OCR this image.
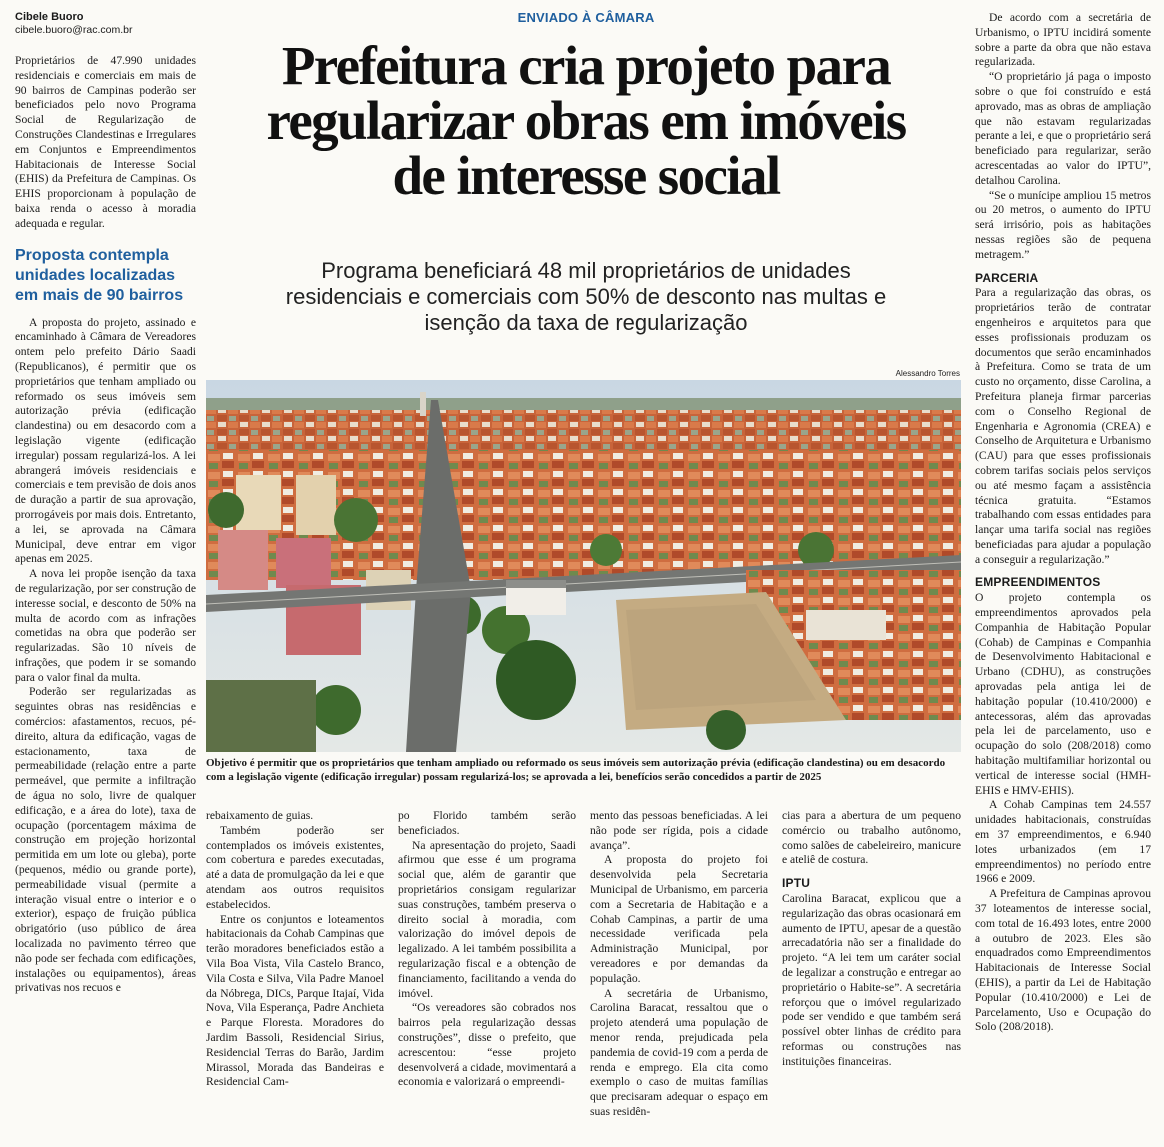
Cibele Buoro
cibele.buoro@rac.com.br
ENVIADO À CÂMARA
Prefeitura cria projeto para
regularizar obras em imóveis
de interesse social
Programa beneficiará 48 mil proprietários de unidades
residenciais e comerciais com 50% de desconto nas multas e
isenção da taxa de regularização
Alessandro Torres
Objetivo é permitir que os proprietários que tenham ampliado ou reformado os seus imóveis sem autorização prévia (edificação clandestina) ou em desacordo com a legislação vigente (edificação irregular) possam regularizá-los; se aprovada a lei, benefícios serão concedidos a partir de 2025

Proprietários de 47.990 unidades residenciais e comerciais em mais de 90 bairros de Campinas poderão ser beneficiados pelo novo Programa Social de Regularização de Construções Clandestinas e Irregulares em Conjuntos e Empreendimentos Habitacionais de Interesse Social (EHIS) da Prefeitura de Campinas. Os EHIS proporcionam à população de baixa renda o acesso à moradia adequada e regular.

Proposta contempla
unidades localizadas
em mais de 90 bairros

A proposta do projeto, assinado e encaminhado à Câmara de Vereadores ontem pelo prefeito Dário Saadi (Republicanos), é permitir que os proprietários que tenham ampliado ou reformado os seus imóveis sem autorização prévia (edificação clandestina) ou em desacordo com a legislação vigente (edificação irregular) possam regularizá-los. A lei abrangerá imóveis residenciais e comerciais e tem previsão de dois anos de duração a partir de sua aprovação, prorrogáveis por mais dois. Entretanto, a lei, se aprovada na Câmara Municipal, deve entrar em vigor apenas em 2025.

A nova lei propõe isenção da taxa de regularização, por ser construção de interesse social, e desconto de 50% na multa de acordo com as infrações cometidas na obra que poderão ser regularizadas. São 10 níveis de infrações, que podem ir se somando para o valor final da multa.

Poderão ser regularizadas as seguintes obras nas residências e comércios: afastamentos, recuos, pé-direito, altura da edificação, vagas de estacionamento, taxa de permeabilidade (relação entre a parte permeável, que permite a infiltração de água no solo, livre de qualquer edificação, e a área do lote), taxa de ocupação (porcentagem máxima de construção em projeção horizontal permitida em um lote ou gleba), porte (pequenos, médio ou grande porte), permeabilidade visual (permite a interação visual entre o interior e o exterior), espaço de fruição pública obrigatório (uso público de área localizada no pavimento térreo que não pode ser fechada com edificações, instalações ou equipamentos), áreas privativas nos recuos e

rebaixamento de guias.

Também poderão ser contemplados os imóveis existentes, com cobertura e paredes executadas, até a data de promulgação da lei e que atendam aos outros requisitos estabelecidos.

Entre os conjuntos e loteamentos habitacionais da Cohab Campinas que terão moradores beneficiados estão a Vila Boa Vista, Vila Castelo Branco, Vila Costa e Silva, Vila Padre Manoel da Nóbrega, DICs, Parque Itajaí, Vida Nova, Vila Esperança, Padre Anchieta e Parque Floresta. Moradores do Jardim Bassoli, Residencial Sirius, Residencial Terras do Barão, Jardim Mirassol, Morada das Bandeiras e Residencial Cam-

po Florido também serão beneficiados.

Na apresentação do projeto, Saadi afirmou que esse é um programa social que, além de garantir que proprietários consigam regularizar suas construções, também preserva o direito social à moradia, com valorização do imóvel depois de legalizado. A lei também possibilita a regularização fiscal e a obtenção de financiamento, facilitando a venda do imóvel.

“Os vereadores são cobrados nos bairros pela regularização dessas construções”, disse o prefeito, que acrescentou: “esse projeto desenvolverá a cidade, movimentará a economia e valorizará o empreendi-

mento das pessoas beneficiadas. A lei não pode ser rígida, pois a cidade avança”.

A proposta do projeto foi desenvolvida pela Secretaria Municipal de Urbanismo, em parceria com a Secretaria de Habitação e a Cohab Campinas, a partir de uma necessidade verificada pela Administração Municipal, por vereadores e por demandas da população.

A secretária de Urbanismo, Carolina Baracat, ressaltou que o projeto atenderá uma população de menor renda, prejudicada pela pandemia de covid-19 com a perda de renda e emprego. Ela cita como exemplo o caso de muitas famílias que precisaram adequar o espaço em suas residên-

cias para a abertura de um pequeno comércio ou trabalho autônomo, como salões de cabeleireiro, manicure e ateliê de costura.

IPTU

Carolina Baracat, explicou que a regularização das obras ocasionará em aumento de IPTU, apesar de a questão arrecadatória não ser a finalidade do projeto. “A lei tem um caráter social de legalizar a construção e entregar ao proprietário o Habite-se”. A secretária reforçou que o imóvel regularizado pode ser vendido e que também será possível obter linhas de crédito para reformas ou construções nas instituições financeiras.

De acordo com a secretária de Urbanismo, o IPTU incidirá somente sobre a parte da obra que não estava regularizada.

“O proprietário já paga o imposto sobre o que foi construído e está aprovado, mas as obras de ampliação que não estavam regularizadas perante a lei, e que o proprietário será beneficiado para regularizar, serão acrescentadas ao valor do IPTU”, detalhou Carolina.

“Se o munícipe ampliou 15 metros ou 20 metros, o aumento do IPTU será irrisório, pois as habitações nessas regiões são de pequena metragem.”

PARCERIA

Para a regularização das obras, os proprietários terão de contratar engenheiros e arquitetos para que esses profissionais produzam os documentos que serão encaminhados à Prefeitura. Como se trata de um custo no orçamento, disse Carolina, a Prefeitura planeja firmar parcerias com o Conselho Regional de Engenharia e Agronomia (CREA) e Conselho de Arquitetura e Urbanismo (CAU) para que esses profissionais cobrem tarifas sociais pelos serviços ou até mesmo façam a assistência técnica gratuita. “Estamos trabalhando com essas entidades para lançar uma tarifa social nas regiões beneficiadas para ajudar a população a conseguir a regularização.”

EMPREENDIMENTOS

O projeto contempla os empreendimentos aprovados pela Companhia de Habitação Popular (Cohab) de Campinas e Companhia de Desenvolvimento Habitacional e Urbano (CDHU), as construções aprovadas pela antiga lei de habitação popular (10.410/2000) e antecessoras, além das aprovadas pela lei de parcelamento, uso e ocupação do solo (208/2018) como habitação multifamiliar horizontal ou vertical de interesse social (HMH-EHIS e HMV-EHIS).

A Cohab Campinas tem 24.557 unidades habitacionais, construídas em 37 empreendimentos, e 6.940 lotes urbanizados (em 17 empreendimentos) no período entre 1966 e 2009.

A Prefeitura de Campinas aprovou 37 loteamentos de interesse social, com total de 16.493 lotes, entre 2000 a outubro de 2023. Eles são enquadrados como Empreendimentos Habitacionais de Interesse Social (EHIS), a partir da Lei de Habitação Popular (10.410/2000) e Lei de Parcelamento, Uso e Ocupação do Solo (208/2018).
